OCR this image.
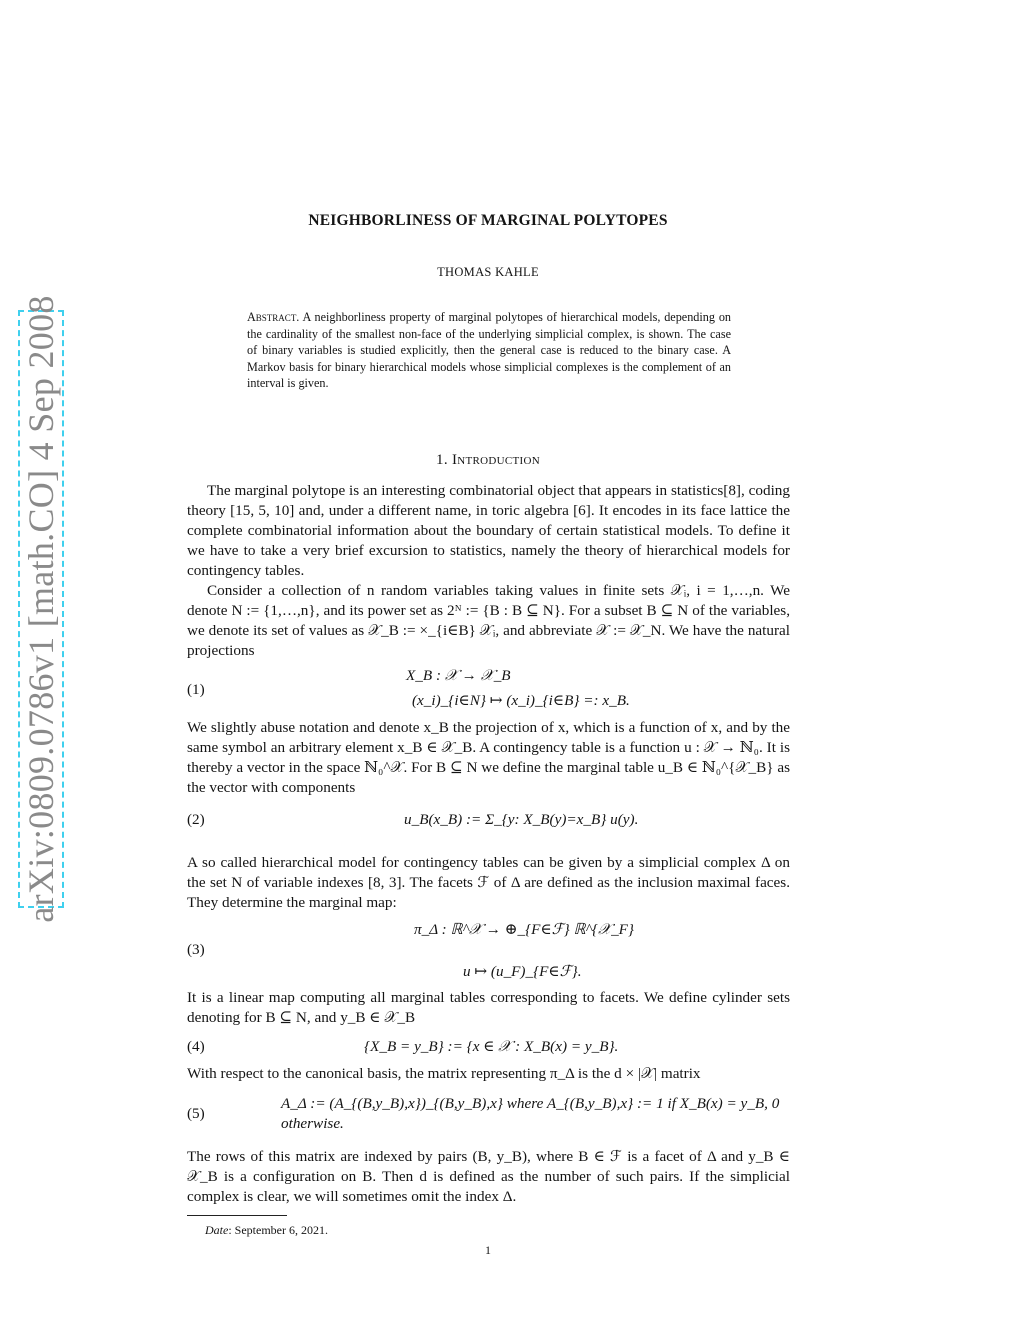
arXiv:0809.0786v1 [math.CO] 4 Sep 2008
NEIGHBORLINESS OF MARGINAL POLYTOPES
THOMAS KAHLE
Abstract. A neighborliness property of marginal polytopes of hierarchical models, depending on the cardinality of the smallest non-face of the underlying simplicial complex, is shown. The case of binary variables is studied explicitly, then the general case is reduced to the binary case. A Markov basis for binary hierarchical models whose simplicial complexes is the complement of an interval is given.
1. Introduction
The marginal polytope is an interesting combinatorial object that appears in statistics[8], coding theory [15, 5, 10] and, under a different name, in toric algebra [6]. It encodes in its face lattice the complete combinatorial information about the boundary of certain statistical models. To define it we have to take a very brief excursion to statistics, namely the theory of hierarchical models for contingency tables.
Consider a collection of n random variables taking values in finite sets 𝒳ᵢ, i = 1,…,n. We denote N := {1,…,n}, and its power set as 2ᴺ := {B : B ⊆ N}. For a subset B ⊆ N of the variables, we denote its set of values as 𝒳_B := ×_{i∈B} 𝒳ᵢ, and abbreviate 𝒳 := 𝒳_N. We have the natural projections
(1)
X_B : 𝒳 → 𝒳_B
(x_i)_{i∈N} ↦ (x_i)_{i∈B} =: x_B.
We slightly abuse notation and denote x_B the projection of x, which is a function of x, and by the same symbol an arbitrary element x_B ∈ 𝒳_B. A contingency table is a function u : 𝒳 → ℕ₀. It is thereby a vector in the space ℕ₀^𝒳. For B ⊆ N we define the marginal table u_B ∈ ℕ₀^{𝒳_B} as the vector with components
(2)	u_B(x_B) := Σ_{y: X_B(y)=x_B} u(y).
A so called hierarchical model for contingency tables can be given by a simplicial complex Δ on the set N of variable indexes [8, 3]. The facets ℱ of Δ are defined as the inclusion maximal faces. They determine the marginal map:
(3)
π_Δ : ℝ^𝒳 → ⊕_{F∈ℱ} ℝ^{𝒳_F}
u ↦ (u_F)_{F∈ℱ}.
It is a linear map computing all marginal tables corresponding to facets. We define cylinder sets denoting for B ⊆ N, and y_B ∈ 𝒳_B
(4)	{X_B = y_B} := {x ∈ 𝒳 : X_B(x) = y_B}.
With respect to the canonical basis, the matrix representing π_Δ is the d × |𝒳| matrix
(5)
A_Δ := (A_{(B,y_B),x})_{(B,y_B),x} where A_{(B,y_B),x} := 1 if X_B(x) = y_B, 0 otherwise.
The rows of this matrix are indexed by pairs (B, y_B), where B ∈ ℱ is a facet of Δ and y_B ∈ 𝒳_B is a configuration on B. Then d is defined as the number of such pairs. If the simplicial complex is clear, we will sometimes omit the index Δ.
Date: September 6, 2021.
1
